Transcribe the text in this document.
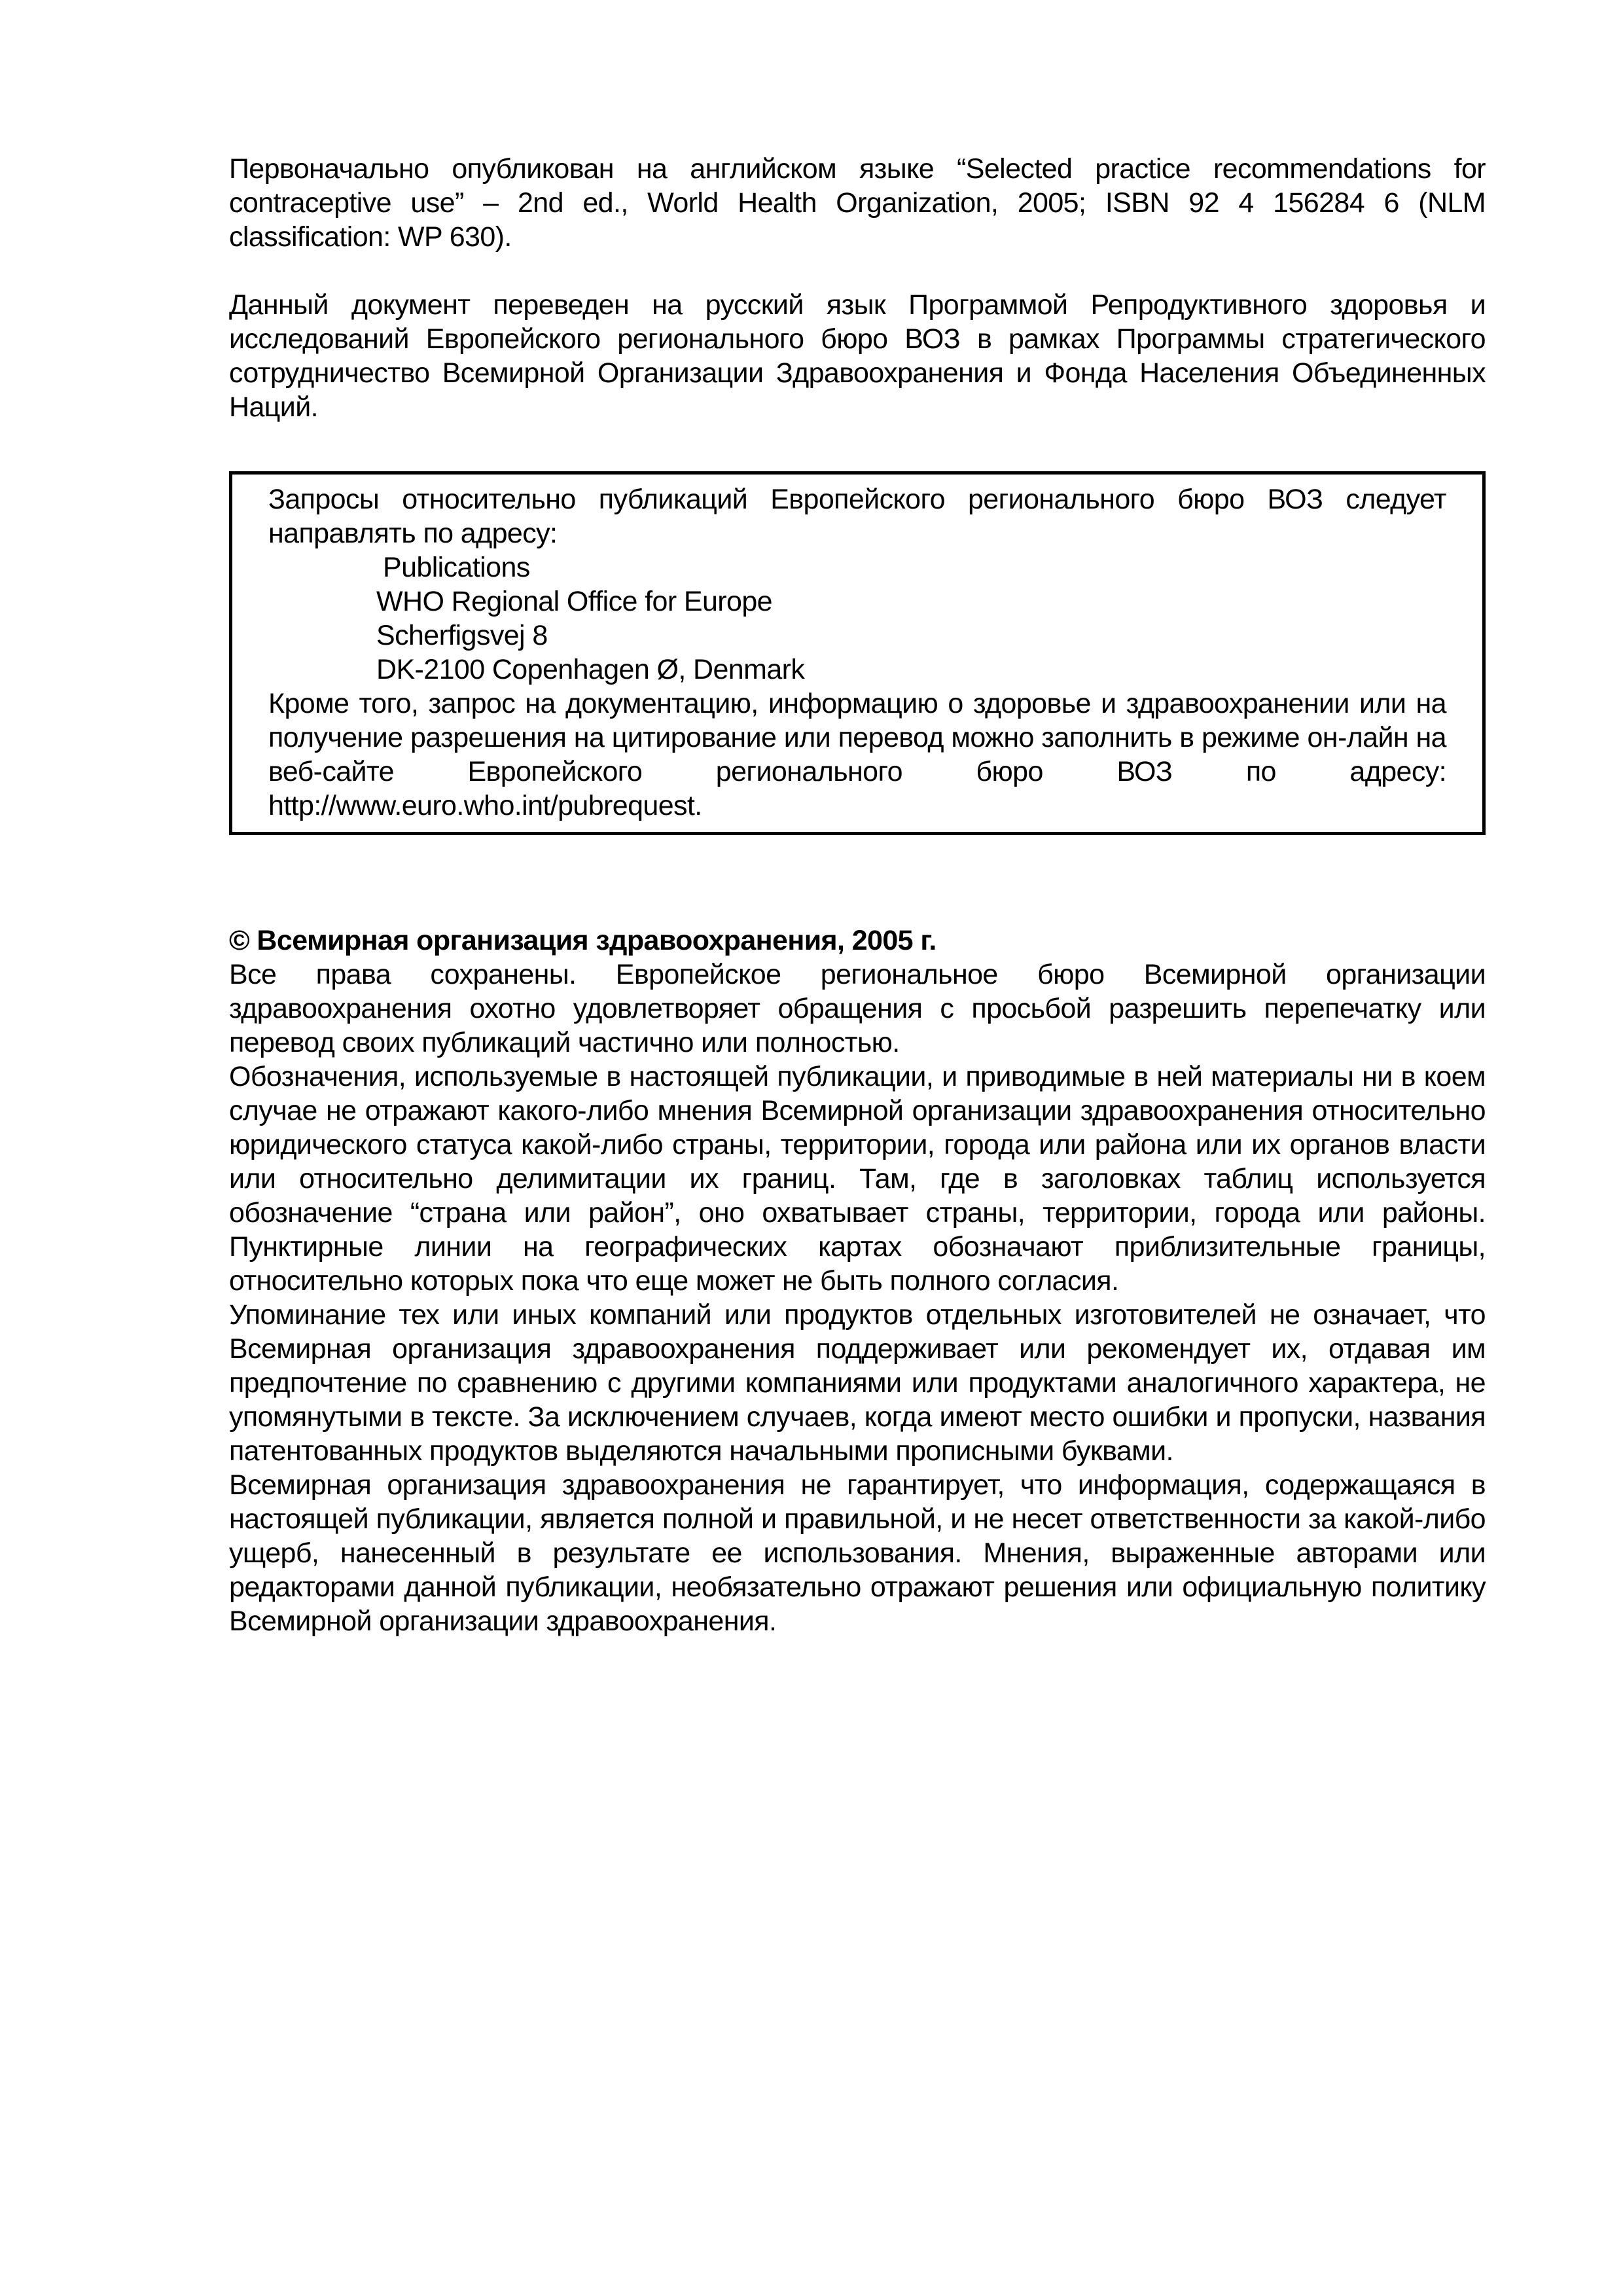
Первоначально опубликован на английском языке “Selected practice recommendations for contraceptive use” – 2nd ed., World Health Organization, 2005; ISBN 92 4 156284 6 (NLM classification: WP 630).

Данный документ переведен на русский язык Программой Репродуктивного здоровья и исследований Европейского регионального бюро ВОЗ в рамках Программы стратегического сотрудничество Всемирной Организации Здравоохранения и Фонда Населения Объединенных Наций.

Запросы относительно публикаций Европейского регионального бюро ВОЗ следует направлять по адресу:

Publications
WHO Regional Office for Europe
Scherfigsvej 8
DK-2100 Copenhagen Ø, Denmark

Кроме того, запрос на документацию, информацию о здоровье и здравоохранении или на получение разрешения на цитирование или перевод можно заполнить в режиме он-лайн на веб-сайте Европейского регионального бюро ВОЗ по адресу: http://www.euro.who.int/pubrequest.

© Всемирная организация здравоохранения, 2005 г.

Все права сохранены. Европейское региональное бюро Всемирной организации здравоохранения охотно удовлетворяет обращения с просьбой разрешить перепечатку или перевод своих публикаций частично или полностью.

Обозначения, используемые в настоящей публикации, и приводимые в ней материалы ни в коем случае не отражают какого-либо мнения Всемирной организации здравоохранения относительно юридического статуса какой-либо страны, территории, города или района или их органов власти или относительно делимитации их границ. Там, где в заголовках таблиц используется обозначение “страна или район”, оно охватывает страны, территории, города или районы. Пунктирные линии на географических картах обозначают приблизительные границы, относительно которых пока что еще может не быть полного согласия.

Упоминание тех или иных компаний или продуктов отдельных изготовителей не означает, что Всемирная организация здравоохранения поддерживает или рекомендует их, отдавая им предпочтение по сравнению с другими компаниями или продуктами аналогичного характера, не упомянутыми в тексте. За исключением случаев, когда имеют место ошибки и пропуски, названия патентованных продуктов выделяются начальными прописными буквами.

Всемирная организация здравоохранения не гарантирует, что информация, содержащаяся в настоящей публикации, является полной и правильной, и не несет ответственности за какой-либо ущерб, нанесенный в результате ее использования. Мнения, выраженные авторами или редакторами данной публикации, необязательно отражают решения или официальную политику Всемирной организации здравоохранения.
